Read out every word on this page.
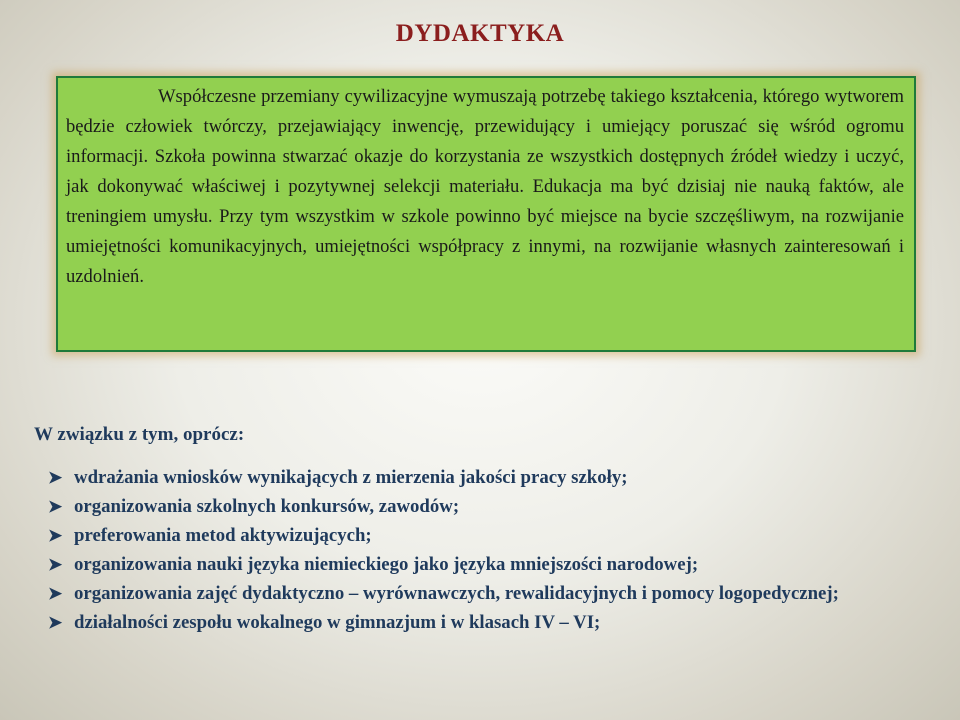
DYDAKTYKA

Współczesne przemiany cywilizacyjne wymuszają potrzebę takiego kształcenia, którego wytworem będzie człowiek twórczy, przejawiający inwencję, przewidujący i umiejący poruszać się wśród ogromu informacji. Szkoła powinna stwarzać okazje do korzystania ze wszystkich dostępnych źródeł wiedzy i uczyć, jak dokonywać właściwej i pozytywnej selekcji materiału. Edukacja ma być dzisiaj nie nauką faktów, ale treningiem umysłu. Przy tym wszystkim w szkole powinno być miejsce na bycie szczęśliwym, na rozwijanie umiejętności komunikacyjnych, umiejętności współpracy z innymi, na rozwijanie własnych zainteresowań i uzdolnień.

W związku z tym, oprócz:
➤ wdrażania wniosków wynikających z mierzenia jakości pracy szkoły;
➤ organizowania szkolnych konkursów, zawodów;
➤ preferowania metod aktywizujących;
➤ organizowania nauki języka niemieckiego jako języka mniejszości narodowej;
➤ organizowania zajęć dydaktyczno – wyrównawczych, rewalidacyjnych i pomocy logopedycznej;
➤ działalności zespołu wokalnego w gimnazjum i w klasach IV – VI;
